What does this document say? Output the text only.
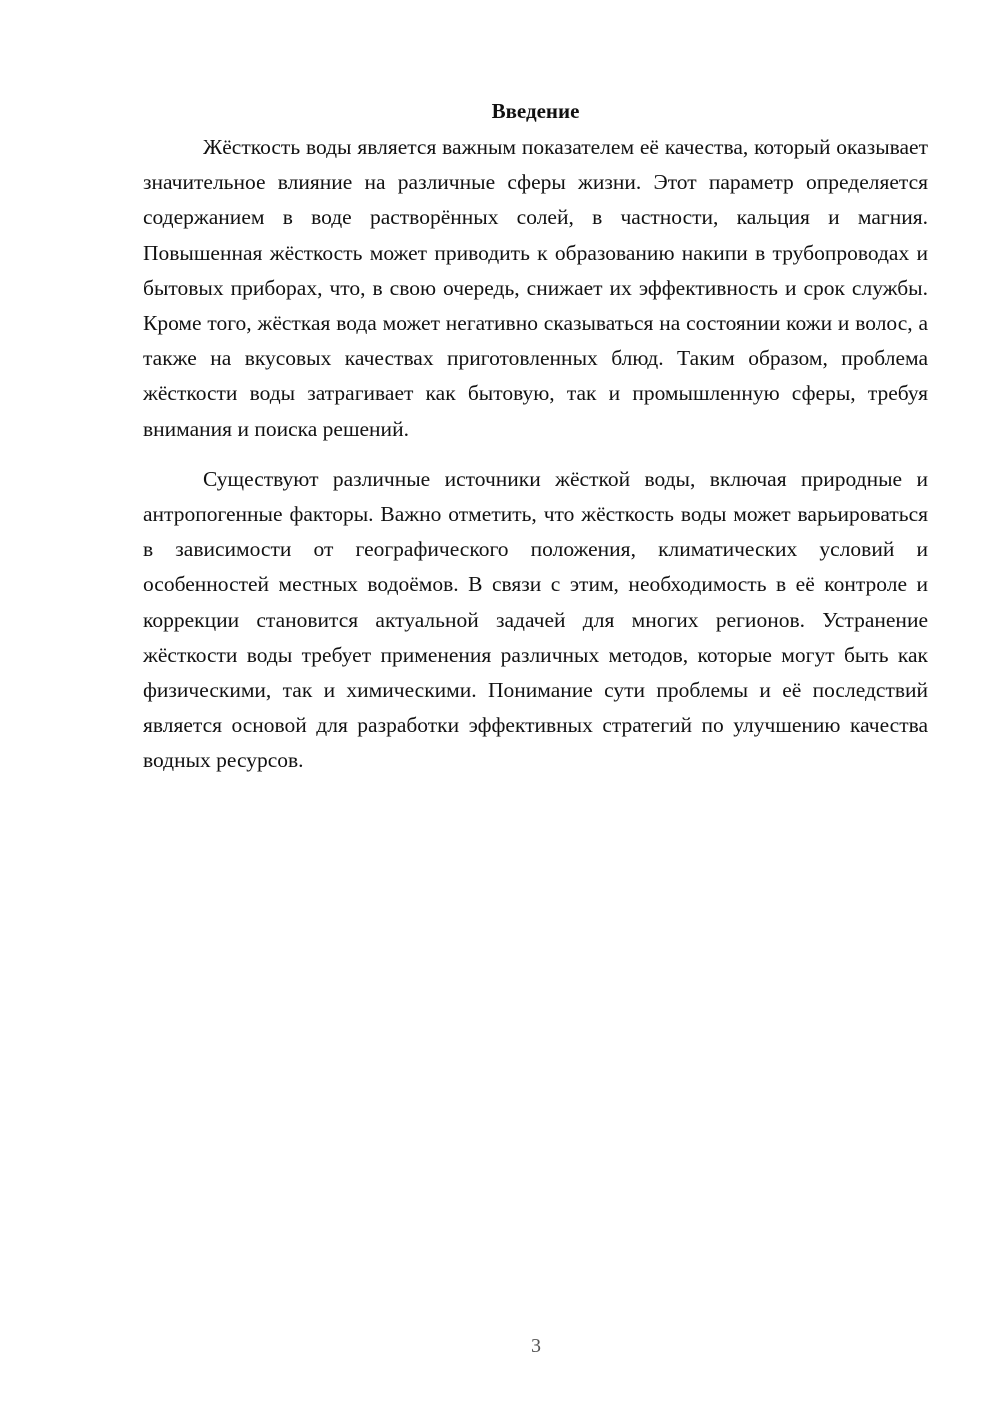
Введение

Жёсткость воды является важным показателем её качества, который оказывает значительное влияние на различные сферы жизни. Этот параметр определяется содержанием в воде растворённых солей, в частности, кальция и магния. Повышенная жёсткость может приводить к образованию накипи в трубопроводах и бытовых приборах, что, в свою очередь, снижает их эффективность и срок службы. Кроме того, жёсткая вода может негативно сказываться на состоянии кожи и волос, а также на вкусовых качествах приготовленных блюд. Таким образом, проблема жёсткости воды затрагивает как бытовую, так и промышленную сферы, требуя внимания и поиска решений.

Существуют различные источники жёсткой воды, включая природные и антропогенные факторы. Важно отметить, что жёсткость воды может варьироваться в зависимости от географического положения, климатических условий и особенностей местных водоёмов. В связи с этим, необходимость в её контроле и коррекции становится актуальной задачей для многих регионов. Устранение жёсткости воды требует применения различных методов, которые могут быть как физическими, так и химическими. Понимание сути проблемы и её последствий является основой для разработки эффективных стратегий по улучшению качества водных ресурсов.

3
